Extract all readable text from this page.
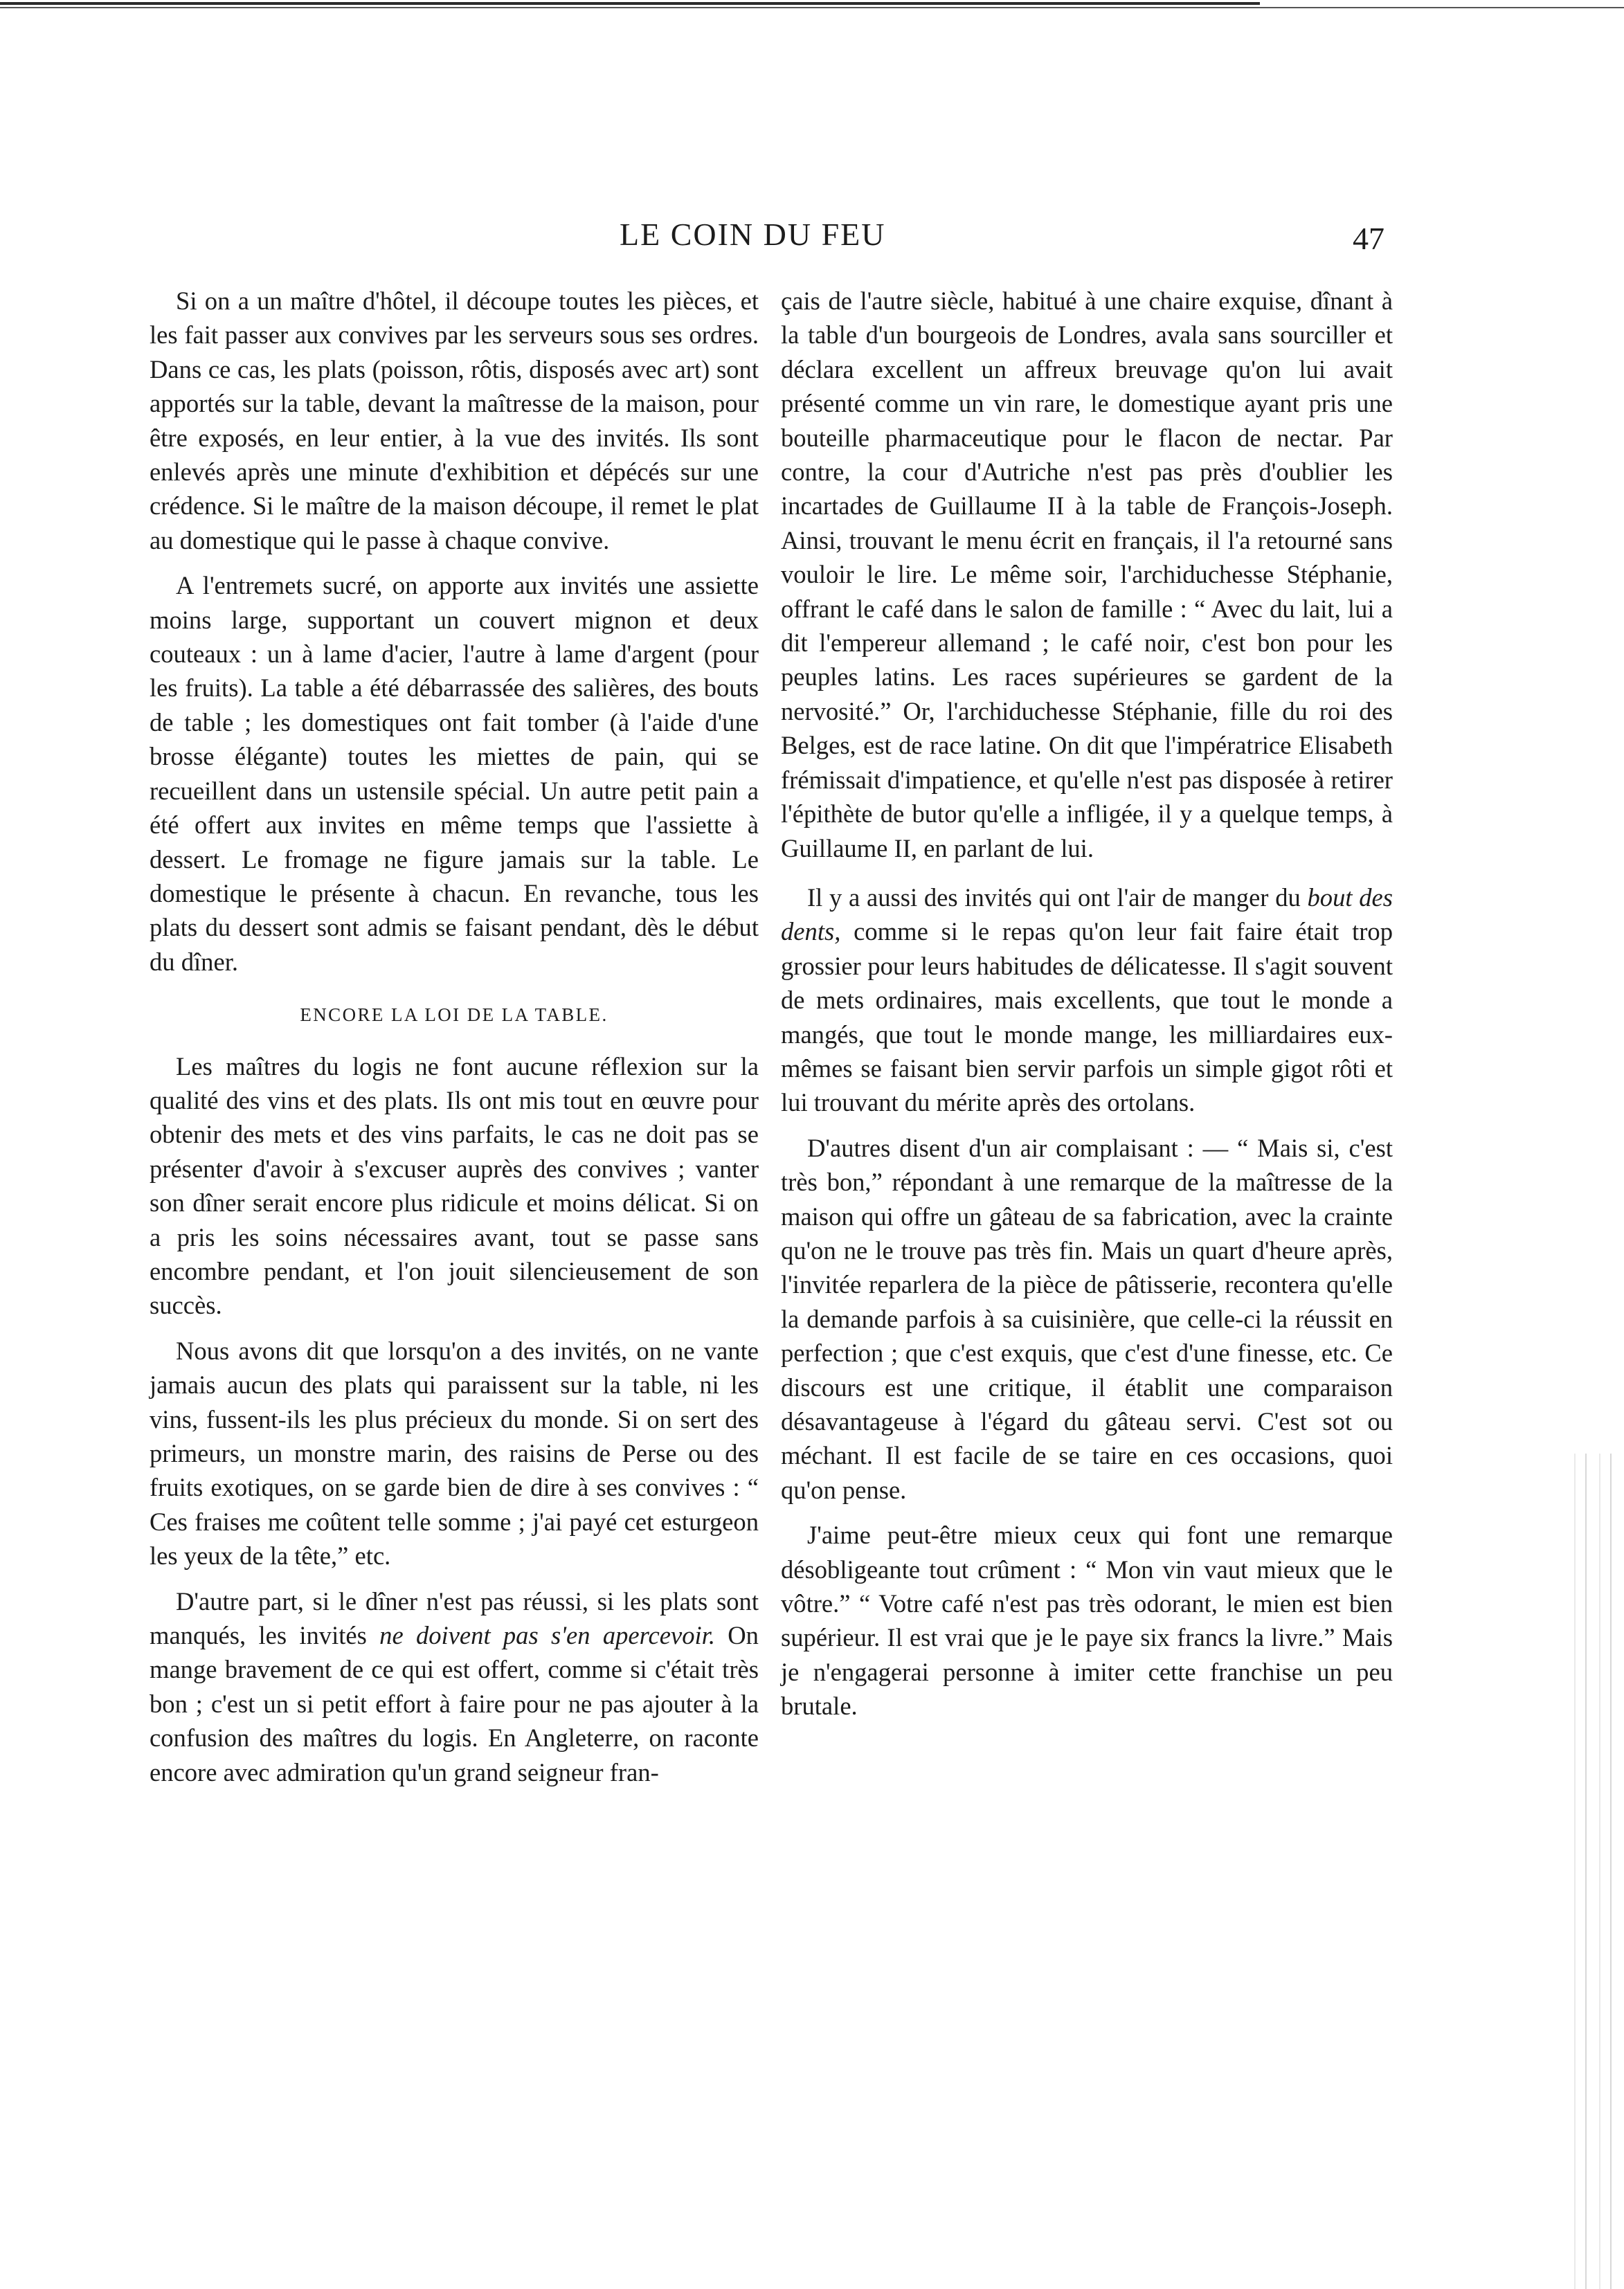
LE COIN DU FEU	47

Si on a un maître d'hôtel, il découpe toutes les pièces, et les fait passer aux convives par les serveurs sous ses ordres. Dans ce cas, les plats (poisson, rôtis, disposés avec art) sont apportés sur la table, devant la maîtresse de la maison, pour être exposés, en leur entier, à la vue des invités. Ils sont enlevés après une minute d'exhibition et dépécés sur une crédence. Si le maître de la maison découpe, il remet le plat au domestique qui le passe à chaque convive.

A l'entremets sucré, on apporte aux invités une assiette moins large, supportant un couvert mignon et deux couteaux : un à lame d'acier, l'autre à lame d'argent (pour les fruits). La table a été débarrassée des salières, des bouts de table ; les domestiques ont fait tomber (à l'aide d'une brosse élégante) toutes les miettes de pain, qui se recueillent dans un ustensile spécial. Un autre petit pain a été offert aux invites en même temps que l'assiette à dessert. Le fromage ne figure jamais sur la table. Le domestique le présente à chacun. En revanche, tous les plats du dessert sont admis se faisant pendant, dès le début du dîner.

ENCORE LA LOI DE LA TABLE.

Les maîtres du logis ne font aucune réflexion sur la qualité des vins et des plats. Ils ont mis tout en œuvre pour obtenir des mets et des vins parfaits, le cas ne doit pas se présenter d'avoir à s'excuser auprès des convives ; vanter son dîner serait encore plus ridicule et moins délicat. Si on a pris les soins nécessaires avant, tout se passe sans encombre pendant, et l'on jouit silencieusement de son succès.

Nous avons dit que lorsqu'on a des invités, on ne vante jamais aucun des plats qui paraissent sur la table, ni les vins, fussent-ils les plus précieux du monde. Si on sert des primeurs, un monstre marin, des raisins de Perse ou des fruits exotiques, on se garde bien de dire à ses convives : “ Ces fraises me coûtent telle somme ; j'ai payé cet esturgeon les yeux de la tête,” etc.

D'autre part, si le dîner n'est pas réussi, si les plats sont manqués, les invités ne doivent pas s'en apercevoir. On mange bravement de ce qui est offert, comme si c'était très bon ; c'est un si petit effort à faire pour ne pas ajouter à la confusion des maîtres du logis. En Angleterre, on raconte encore avec admiration qu'un grand seigneur fran-

çais de l'autre siècle, habitué à une chaire exquise, dînant à la table d'un bourgeois de Londres, avala sans sourciller et déclara excellent un affreux breuvage qu'on lui avait présenté comme un vin rare, le domestique ayant pris une bouteille pharmaceutique pour le flacon de nectar. Par contre, la cour d'Autriche n'est pas près d'oublier les incartades de Guillaume II à la table de François-Joseph. Ainsi, trouvant le menu écrit en français, il l'a retourné sans vouloir le lire. Le même soir, l'archiduchesse Stéphanie, offrant le café dans le salon de famille : “ Avec du lait, lui a dit l'empereur allemand ; le café noir, c'est bon pour les peuples latins. Les races supérieures se gardent de la nervosité.” Or, l'archiduchesse Stéphanie, fille du roi des Belges, est de race latine. On dit que l'impératrice Elisabeth frémissait d'impatience, et qu'elle n'est pas disposée à retirer l'épithète de butor qu'elle a infligée, il y a quelque temps, à Guillaume II, en parlant de lui.

Il y a aussi des invités qui ont l'air de manger du bout des dents, comme si le repas qu'on leur fait faire était trop grossier pour leurs habitudes de délicatesse. Il s'agit souvent de mets ordinaires, mais excellents, que tout le monde a mangés, que tout le monde mange, les milliardaires eux-mêmes se faisant bien servir parfois un simple gigot rôti et lui trouvant du mérite après des ortolans.

D'autres disent d'un air complaisant : — “ Mais si, c'est très bon,” répondant à une remarque de la maîtresse de la maison qui offre un gâteau de sa fabrication, avec la crainte qu'on ne le trouve pas très fin. Mais un quart d'heure après, l'invitée reparlera de la pièce de pâtisserie, recontera qu'elle la demande parfois à sa cuisinière, que celle-ci la réussit en perfection ; que c'est exquis, que c'est d'une finesse, etc. Ce discours est une critique, il établit une comparaison désavantageuse à l'égard du gâteau servi. C'est sot ou méchant. Il est facile de se taire en ces occasions, quoi qu'on pense.

J'aime peut-être mieux ceux qui font une remarque désobligeante tout crûment : “ Mon vin vaut mieux que le vôtre.” “ Votre café n'est pas très odorant, le mien est bien supérieur. Il est vrai que je le paye six francs la livre.” Mais je n'engagerai personne à imiter cette franchise un peu brutale.
